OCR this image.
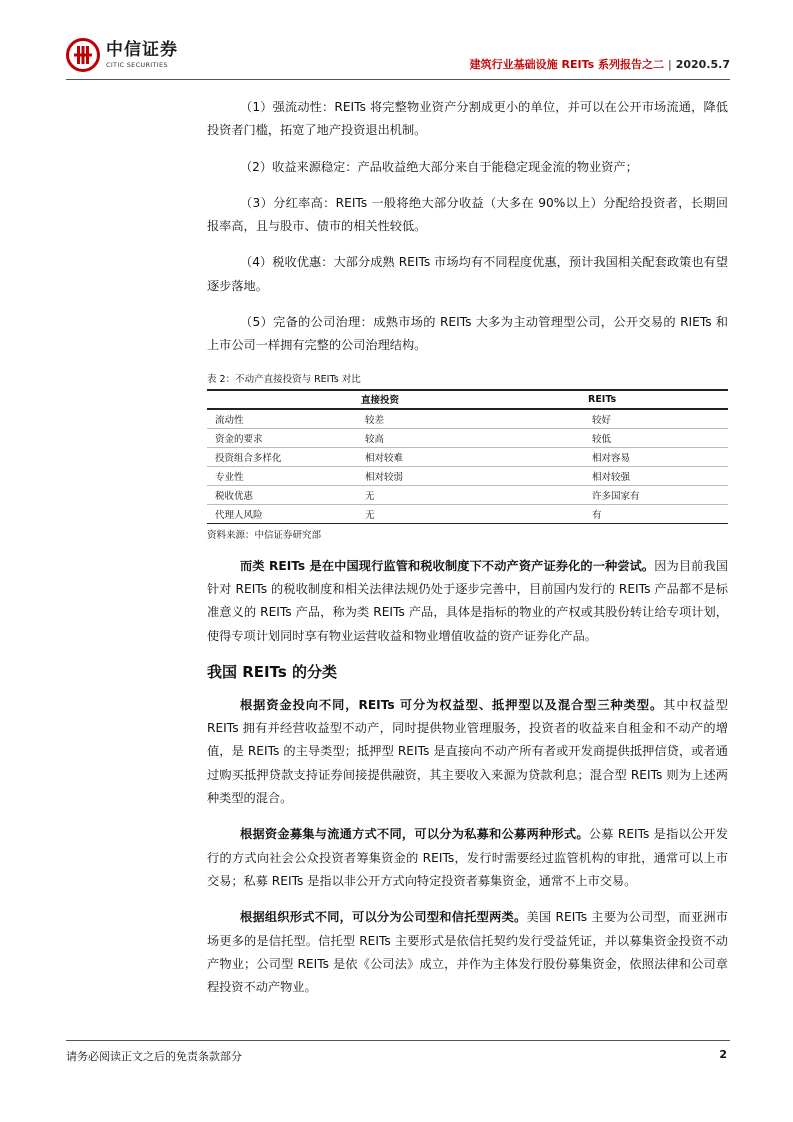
中信证券
CITIC SECURITIES	建筑行业基础设施 REITs 系列报告之二 | 2020.5.7

（1）强流动性：REITs 将完整物业资产分割成更小的单位，并可以在公开市场流通，降低投资者门槛，拓宽了地产投资退出机制。

（2）收益来源稳定：产品收益绝大部分来自于能稳定现金流的物业资产；

（3）分红率高：REITs 一般将绝大部分收益（大多在 90%以上）分配给投资者，长期回报率高，且与股市、债市的相关性较低。

（4）税收优惠：大部分成熟 REITs 市场均有不同程度优惠，预计我国相关配套政策也有望逐步落地。

（5）完备的公司治理：成熟市场的 REITs 大多为主动管理型公司，公开交易的 RIETs 和上市公司一样拥有完整的公司治理结构。

表 2：不动产直接投资与 REITs 对比
	直接投资	REITs
流动性	较差	较好
资金的要求	较高	较低
投资组合多样化	相对较难	相对容易
专业性	相对较弱	相对较强
税收优惠	无	许多国家有
代理人风险	无	有
资料来源：中信证券研究部

而类 REITs 是在中国现行监管和税收制度下不动产资产证券化的一种尝试。因为目前我国针对 REITs 的税收制度和相关法律法规仍处于逐步完善中，目前国内发行的 REITs 产品都不是标准意义的 REITs 产品，称为类 REITs 产品，具体是指标的物业的产权或其股份转让给专项计划，使得专项计划同时享有物业运营收益和物业增值收益的资产证券化产品。

我国 REITs 的分类

根据资金投向不同，REITs 可分为权益型、抵押型以及混合型三种类型。其中权益型 REITs 拥有并经营收益型不动产，同时提供物业管理服务，投资者的收益来自租金和不动产的增值，是 REITs 的主导类型；抵押型 REITs 是直接向不动产所有者或开发商提供抵押信贷，或者通过购买抵押贷款支持证券间接提供融资，其主要收入来源为贷款利息；混合型 REITs 则为上述两种类型的混合。

根据资金募集与流通方式不同，可以分为私募和公募两种形式。公募 REITs 是指以公开发行的方式向社会公众投资者筹集资金的 REITs，发行时需要经过监管机构的审批，通常可以上市交易；私募 REITs 是指以非公开方式向特定投资者募集资金，通常不上市交易。

根据组织形式不同，可以分为公司型和信托型两类。美国 REITs 主要为公司型，而亚洲市场更多的是信托型。信托型 REITs 主要形式是依信托契约发行受益凭证，并以募集资金投资不动产物业；公司型 REITs 是依《公司法》成立，并作为主体发行股份募集资金，依照法律和公司章程投资不动产物业。

请务必阅读正文之后的免责条款部分	2
